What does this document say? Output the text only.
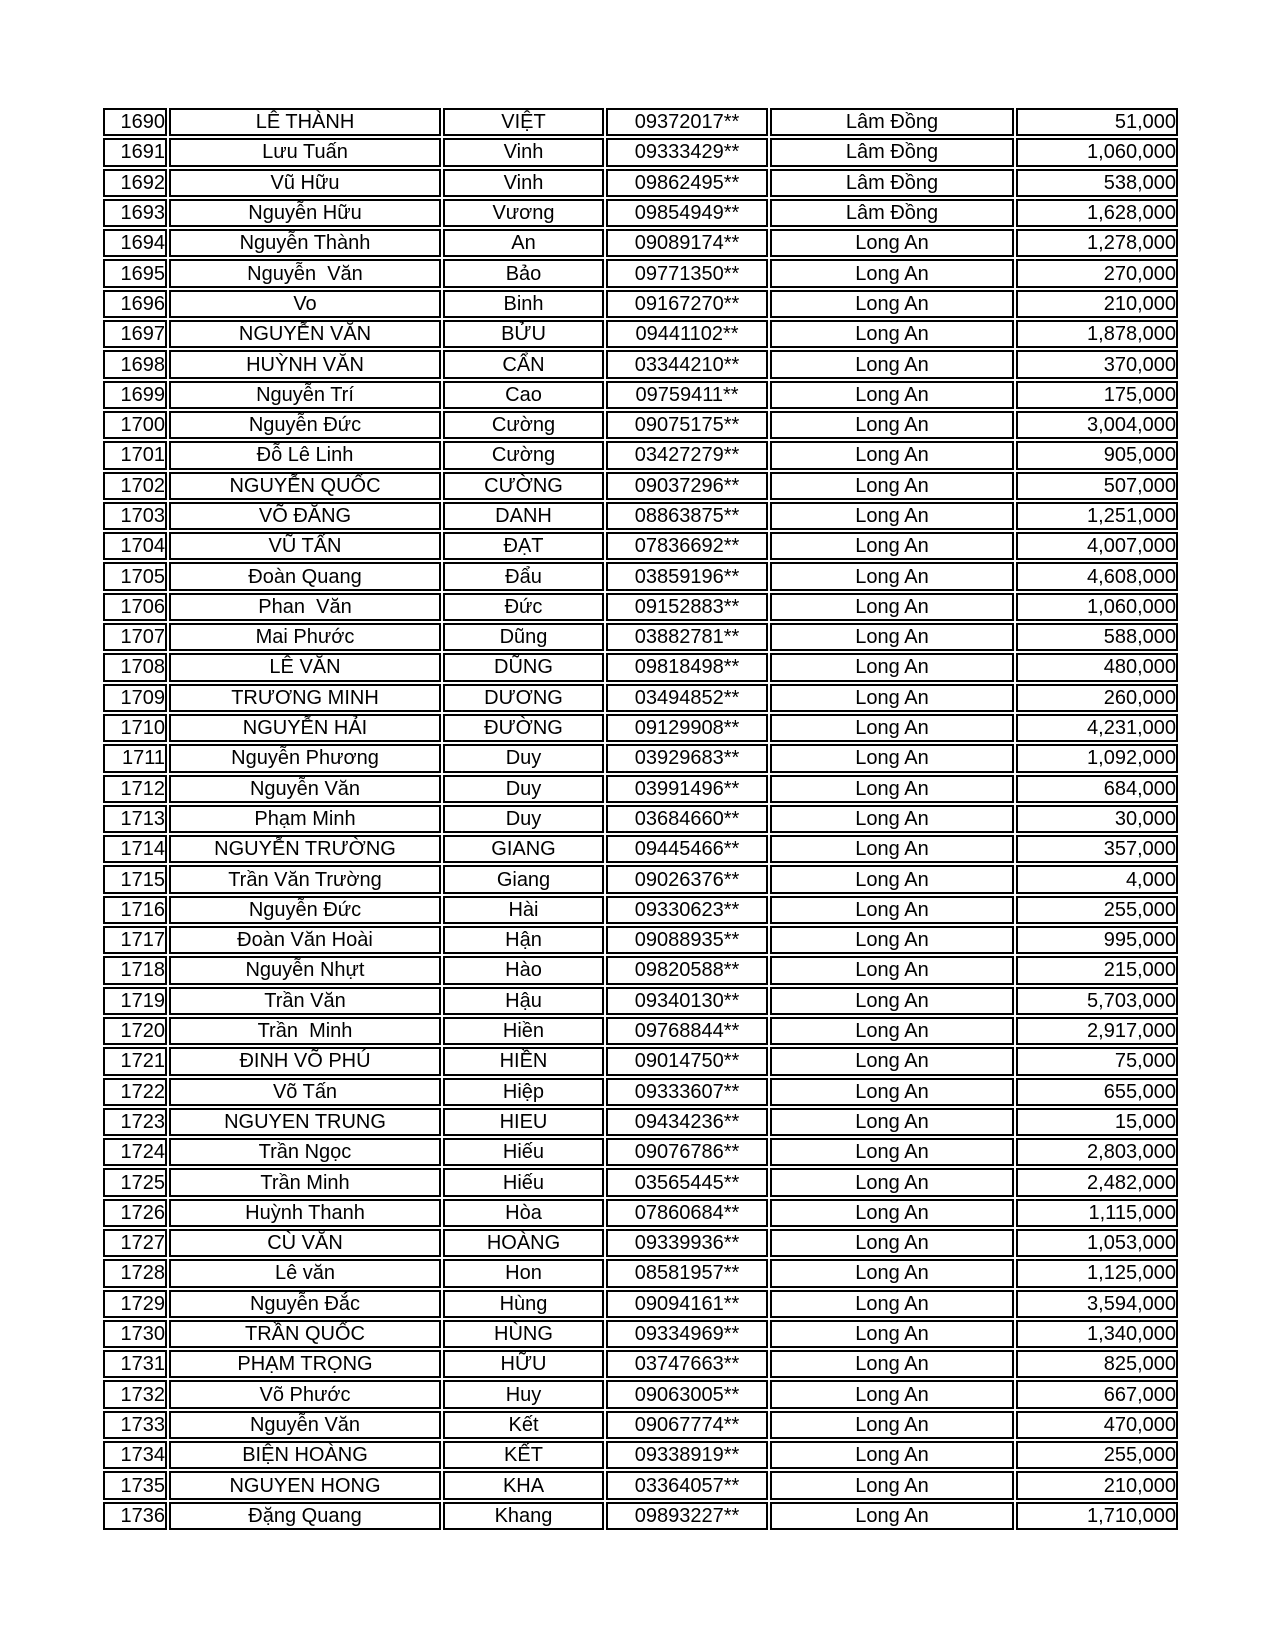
1690	LÊ THÀNH	VIỆT	09372017**	Lâm Đồng	51,000
1691	Lưu Tuấn	Vinh	09333429**	Lâm Đồng	1,060,000
1692	Vũ Hữu	Vinh	09862495**	Lâm Đồng	538,000
1693	Nguyễn Hữu	Vương	09854949**	Lâm Đồng	1,628,000
1694	Nguyễn Thành	An	09089174**	Long An	1,278,000
1695	Nguyễn  Văn	Bảo	09771350**	Long An	270,000
1696	Vo	Binh	09167270**	Long An	210,000
1697	NGUYỄN VĂN	BỬU	09441102**	Long An	1,878,000
1698	HUỲNH VĂN	CẨN	03344210**	Long An	370,000
1699	Nguyễn Trí	Cao	09759411**	Long An	175,000
1700	Nguyễn Đức	Cường	09075175**	Long An	3,004,000
1701	Đỗ Lê Linh	Cường	03427279**	Long An	905,000
1702	NGUYỄN QUỐC	CƯỜNG	09037296**	Long An	507,000
1703	VÕ ĐĂNG	DANH	08863875**	Long An	1,251,000
1704	VŨ TẤN	ĐẠT	07836692**	Long An	4,007,000
1705	Đoàn Quang	Đẩu	03859196**	Long An	4,608,000
1706	Phan  Văn	Đức	09152883**	Long An	1,060,000
1707	Mai Phước	Dũng	03882781**	Long An	588,000
1708	LÊ VĂN	DŨNG	09818498**	Long An	480,000
1709	TRƯƠNG MINH	DƯƠNG	03494852**	Long An	260,000
1710	NGUYỄN HẢI	ĐƯỜNG	09129908**	Long An	4,231,000
1711	Nguyễn Phương	Duy	03929683**	Long An	1,092,000
1712	Nguyễn Văn	Duy	03991496**	Long An	684,000
1713	Phạm Minh	Duy	03684660**	Long An	30,000
1714	NGUYỄN TRƯỜNG	GIANG	09445466**	Long An	357,000
1715	Trần Văn Trường	Giang	09026376**	Long An	4,000
1716	Nguyễn Đức	Hài	09330623**	Long An	255,000
1717	Đoàn Văn Hoài	Hận	09088935**	Long An	995,000
1718	Nguyễn Nhựt	Hào	09820588**	Long An	215,000
1719	Trần Văn	Hậu	09340130**	Long An	5,703,000
1720	Trần  Minh	Hiền	09768844**	Long An	2,917,000
1721	ĐINH VÕ PHÚ	HIỀN	09014750**	Long An	75,000
1722	Võ Tấn	Hiệp	09333607**	Long An	655,000
1723	NGUYEN TRUNG	HIEU	09434236**	Long An	15,000
1724	Trần Ngọc	Hiếu	09076786**	Long An	2,803,000
1725	Trần Minh	Hiếu	03565445**	Long An	2,482,000
1726	Huỳnh Thanh	Hòa	07860684**	Long An	1,115,000
1727	CÙ VĂN	HOÀNG	09339936**	Long An	1,053,000
1728	Lê văn	Hon	08581957**	Long An	1,125,000
1729	Nguyễn Đắc	Hùng	09094161**	Long An	3,594,000
1730	TRẦN QUỐC	HÙNG	09334969**	Long An	1,340,000
1731	PHẠM TRỌNG	HỮU	03747663**	Long An	825,000
1732	Võ Phước	Huy	09063005**	Long An	667,000
1733	Nguyễn Văn	Kết	09067774**	Long An	470,000
1734	BIỆN HOÀNG	KẾT	09338919**	Long An	255,000
1735	NGUYEN HONG	KHA	03364057**	Long An	210,000
1736	Đặng Quang	Khang	09893227**	Long An	1,710,000
